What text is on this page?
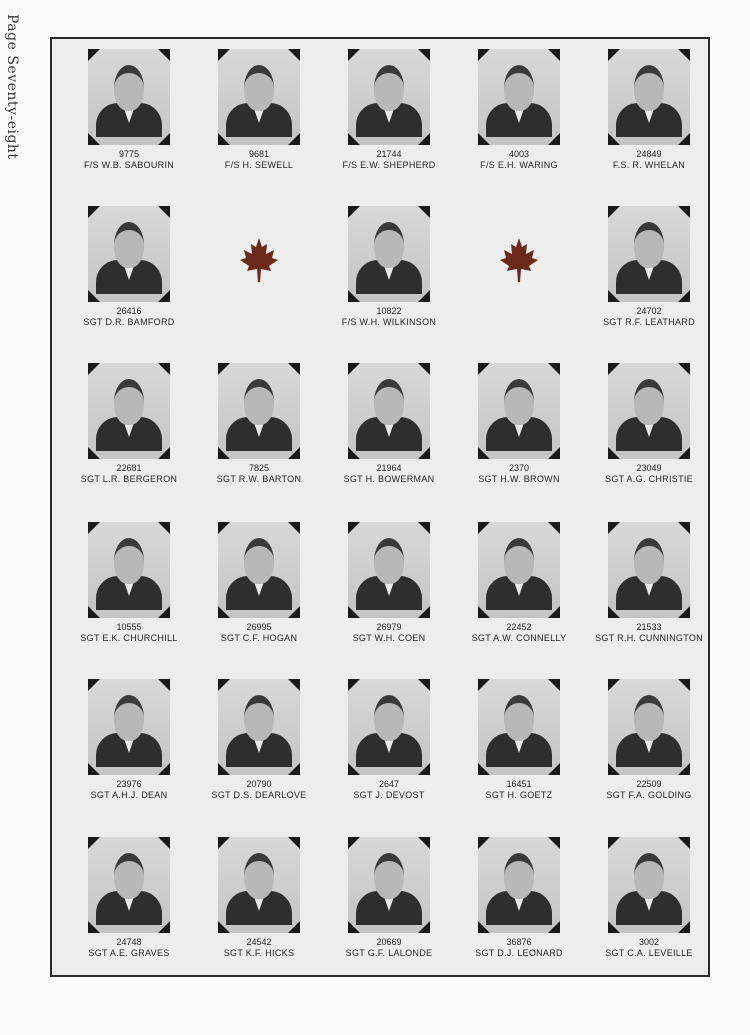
Page Seventy-eight	9775
F/S W.B. SABOURIN
9681
F/S H. SEWELL
21744
F/S E.W. SHEPHERD
4003
F/S E.H. WARING
24849
F.S. R. WHELAN
26416
SGT D.R. BAMFORD
10822
F/S W.H. WILKINSON
24702
SGT R.F. LEATHARD
22681
SGT L.R. BERGERON
7825
SGT R.W. BARTON
21964
SGT H. BOWERMAN
2370
SGT H.W. BROWN
23049
SGT A.G. CHRISTIE
10555
SGT E.K. CHURCHILL
26995
SGT C.F. HOGAN
26979
SGT W.H. COEN
22452
SGT A.W. CONNELLY
21533
SGT R.H. CUNNINGTON
23976
SGT A.H.J. DEAN
20790
SGT D.S. DEARLOVE
2647
SGT J. DEVOST
16451
SGT H. GOETZ
22509
SGT F.A. GOLDING
24748
SGT A.E. GRAVES
24542
SGT K.F. HICKS
20669
SGT G.F. LALONDE
36876
SGT D.J. LEONARD
3002
SGT C.A. LEVEILLE
